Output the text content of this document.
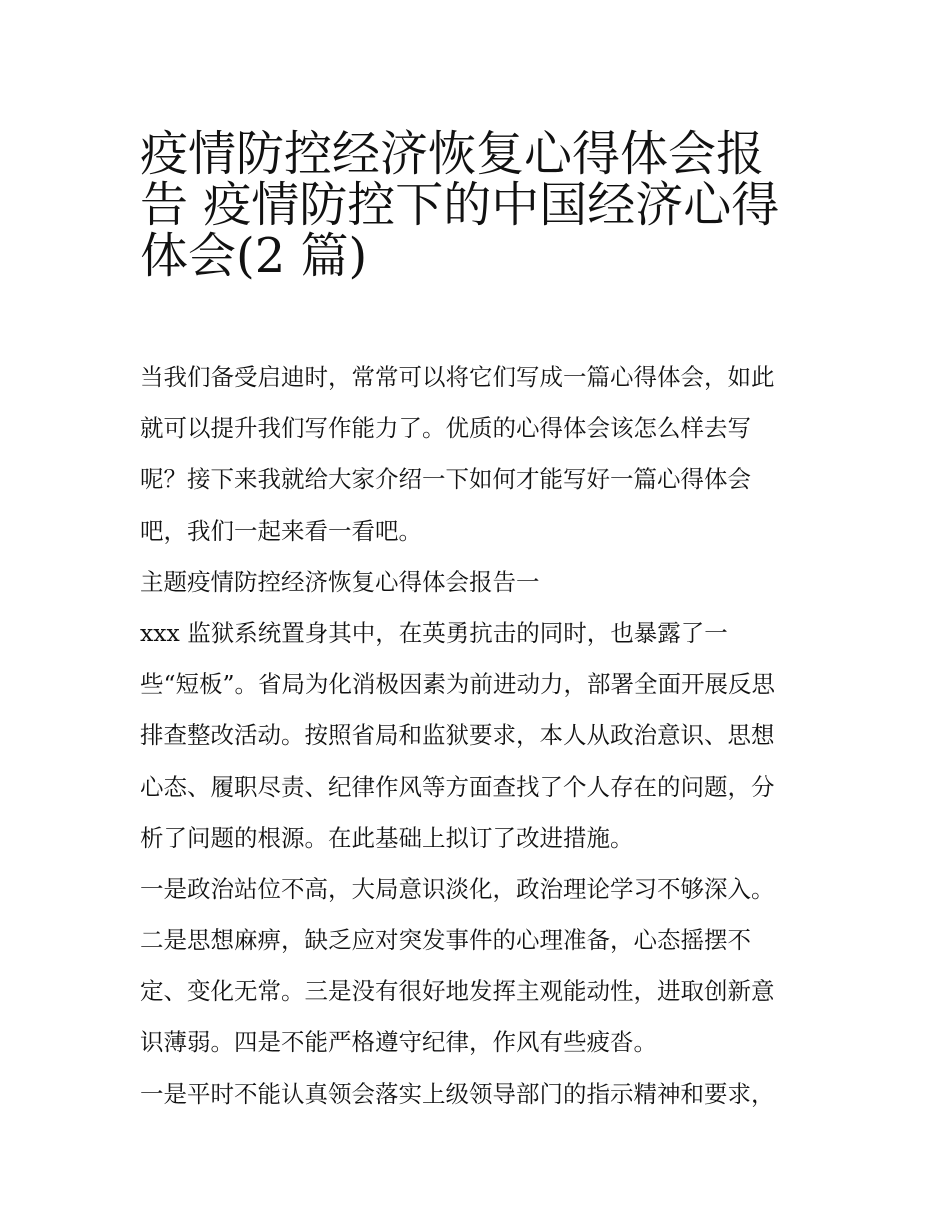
疫情防控经济恢复心得体会报
告 疫情防控下的中国经济心得
体会(2 篇)
当我们备受启迪时，常常可以将它们写成一篇心得体会，如此
就可以提升我们写作能力了。优质的心得体会该怎么样去写
呢？接下来我就给大家介绍一下如何才能写好一篇心得体会
吧，我们一起来看一看吧。
主题疫情防控经济恢复心得体会报告一
xxx 监狱系统置身其中，在英勇抗击的同时，也暴露了一
些“短板”。省局为化消极因素为前进动力，部署全面开展反思
排查整改活动。按照省局和监狱要求，本人从政治意识、思想
心态、履职尽责、纪律作风等方面查找了个人存在的问题，分
析了问题的根源。在此基础上拟订了改进措施。
一是政治站位不高，大局意识淡化，政治理论学习不够深入。
二是思想麻痹，缺乏应对突发事件的心理准备，心态摇摆不
定、变化无常。三是没有很好地发挥主观能动性，进取创新意
识薄弱。四是不能严格遵守纪律，作风有些疲沓。
一是平时不能认真领会落实上级领导部门的指示精神和要求，
